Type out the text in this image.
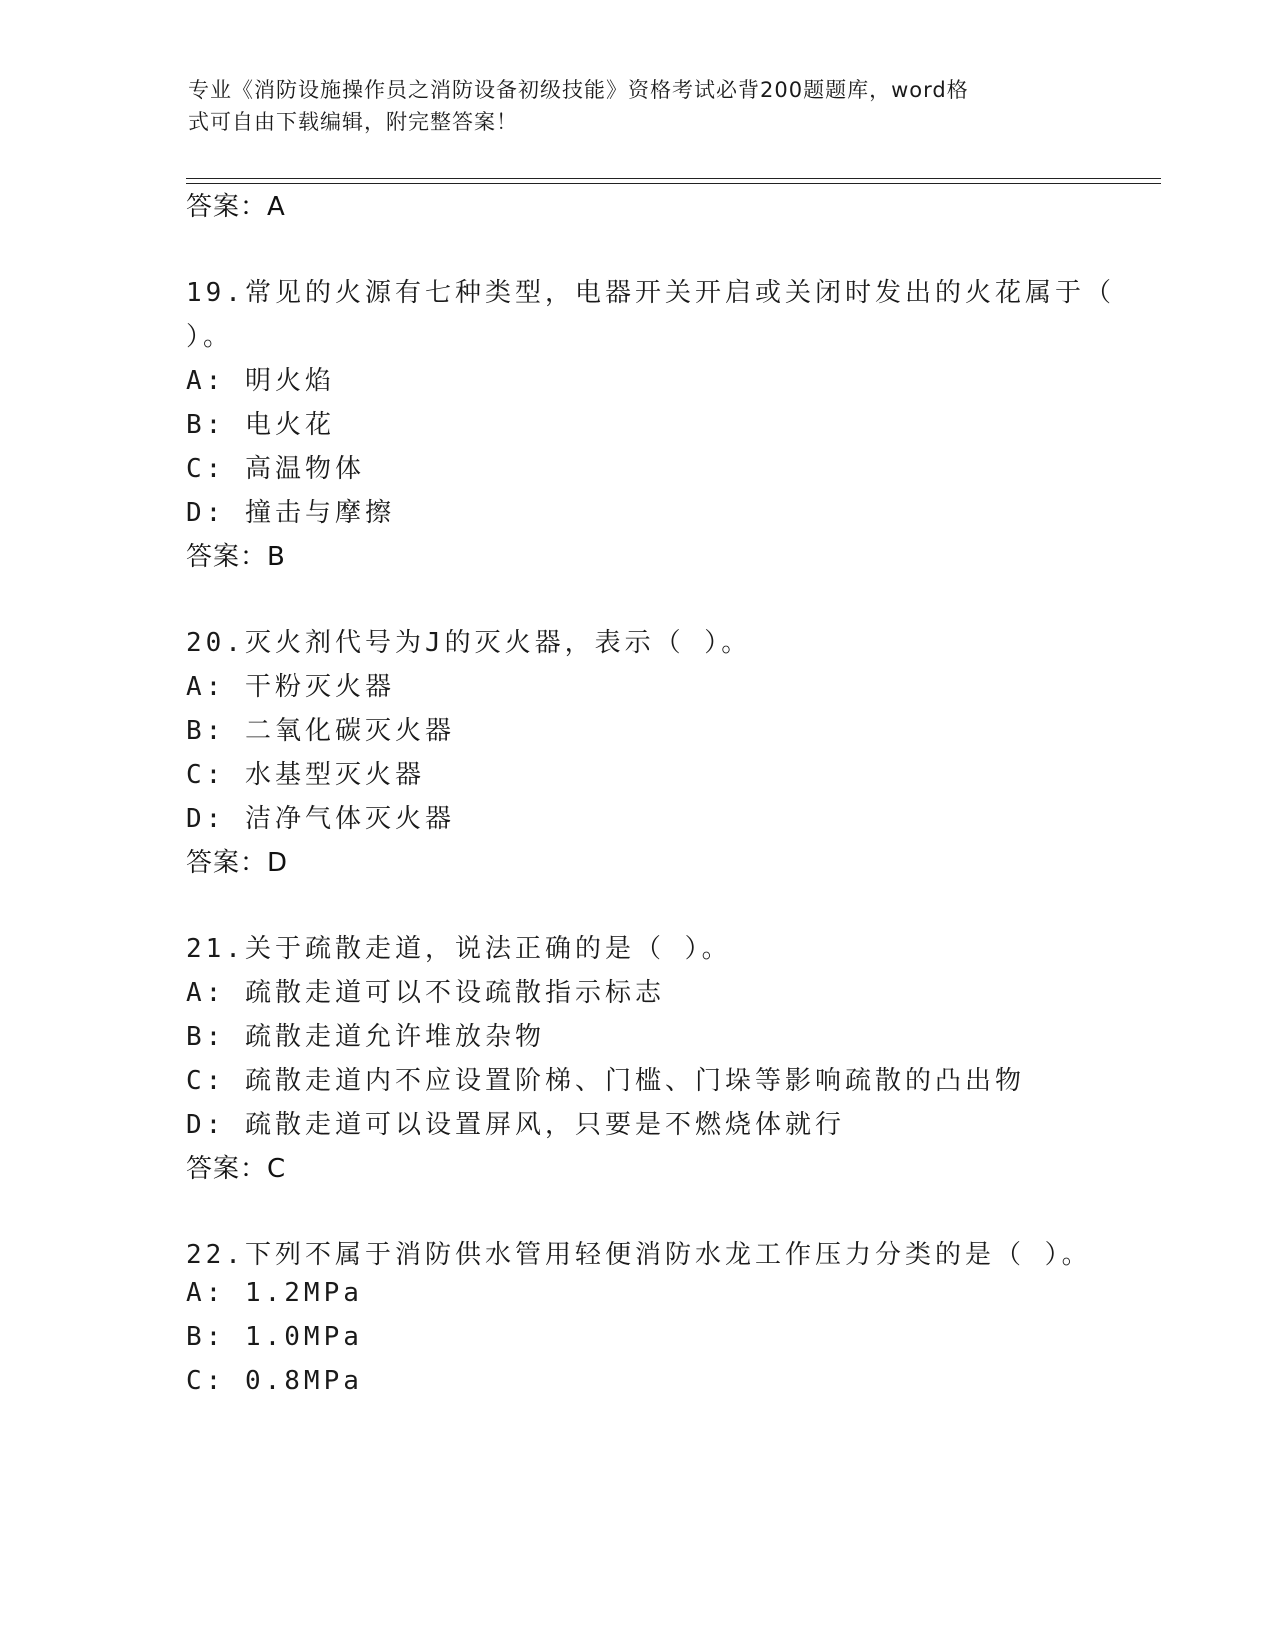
专业《消防设施操作员之消防设备初级技能》资格考试必背200题题库，word格
式可自由下载编辑，附完整答案！
答案：A
19.常见的火源有七种类型，电器开关开启或关闭时发出的火花属于（
）。
A: 明火焰
B: 电火花
C: 高温物体
D: 撞击与摩擦
答案：B
20.灭火剂代号为J的灭火器，表示（ ）。
A: 干粉灭火器
B: 二氧化碳灭火器
C: 水基型灭火器
D: 洁净气体灭火器
答案：D
21.关于疏散走道，说法正确的是（ ）。
A: 疏散走道可以不设疏散指示标志
B: 疏散走道允许堆放杂物
C: 疏散走道内不应设置阶梯、门槛、门垛等影响疏散的凸出物
D: 疏散走道可以设置屏风，只要是不燃烧体就行
答案：C
22.下列不属于消防供水管用轻便消防水龙工作压力分类的是（ ）。
A: 1.2MPa
B: 1.0MPa
C: 0.8MPa
